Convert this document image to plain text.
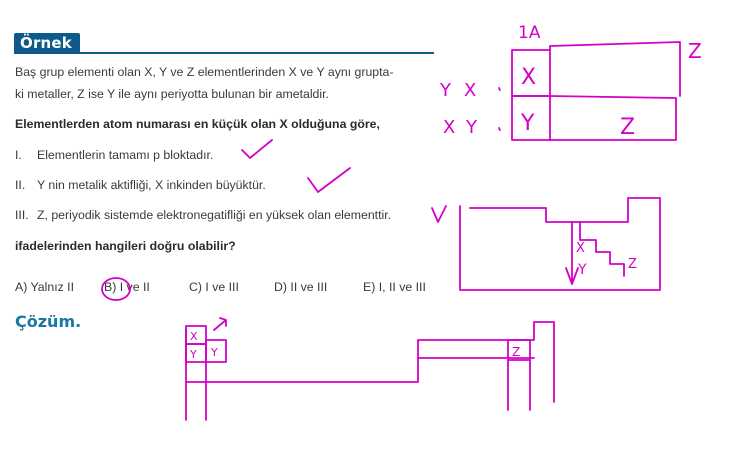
Örnek
Baş grup elementi olan X, Y ve Z elementlerinden X ve Y aynı grupta-
ki metaller, Z ise Y ile aynı periyotta bulunan bir ametaldir.
Elementlerden atom numarası en küçük olan X olduğuna göre,
I. Elementlerin tamamı p bloktadır.
II. Y nin metalik aktifliği, X inkinden büyüktür.
III. Z, periyodik sistemde elektronegatifliği en yüksek olan elementtir.
ifadelerinden hangileri doğru olabilir?
A) Yalnız II B) I ve II	C) I ve III	D) II ve III	E) I, II ve III
Çözüm.
1A
X
Y	Z
Z
Y X
X Y
X
Y	Z
X
Y Y	Z
